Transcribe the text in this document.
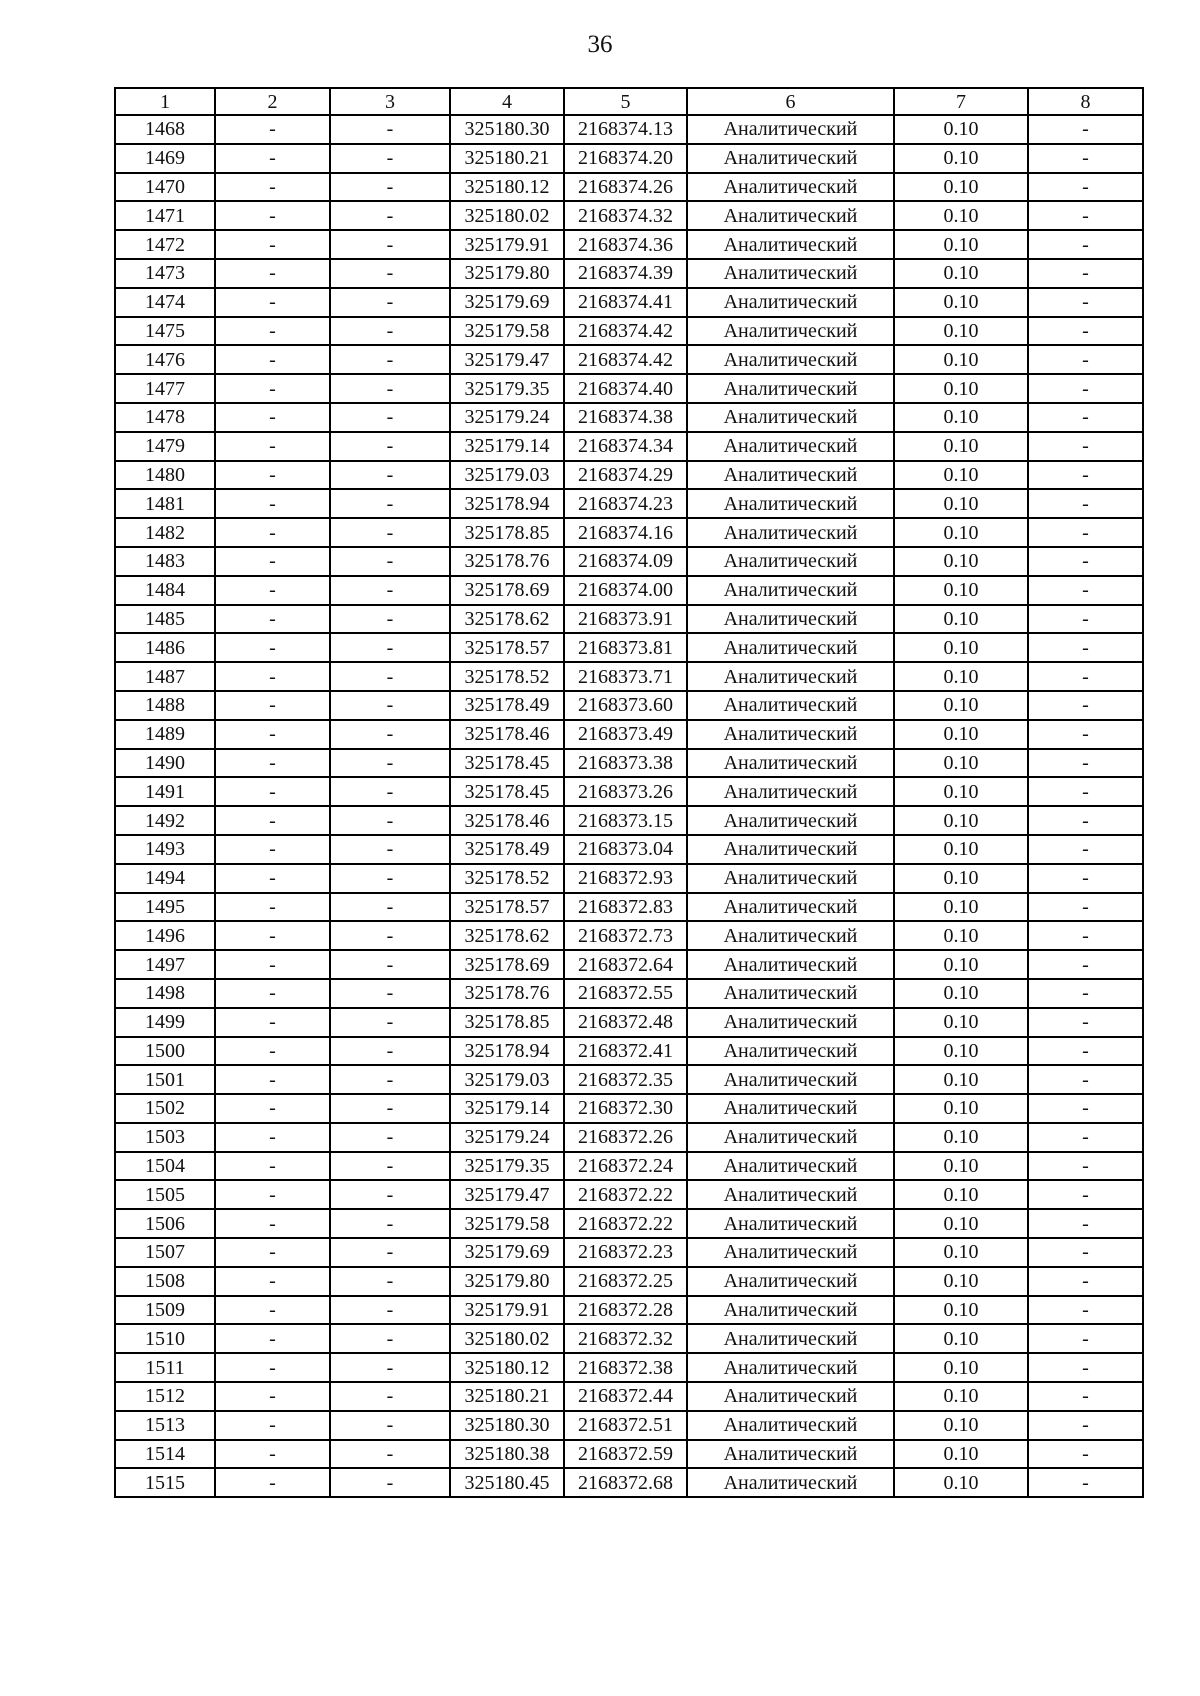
36
1	2	3	4	5	6	7	8
1468	-	-	325180.30	2168374.13	Аналитический	0.10	-
1469	-	-	325180.21	2168374.20	Аналитический	0.10	-
1470	-	-	325180.12	2168374.26	Аналитический	0.10	-
1471	-	-	325180.02	2168374.32	Аналитический	0.10	-
1472	-	-	325179.91	2168374.36	Аналитический	0.10	-
1473	-	-	325179.80	2168374.39	Аналитический	0.10	-
1474	-	-	325179.69	2168374.41	Аналитический	0.10	-
1475	-	-	325179.58	2168374.42	Аналитический	0.10	-
1476	-	-	325179.47	2168374.42	Аналитический	0.10	-
1477	-	-	325179.35	2168374.40	Аналитический	0.10	-
1478	-	-	325179.24	2168374.38	Аналитический	0.10	-
1479	-	-	325179.14	2168374.34	Аналитический	0.10	-
1480	-	-	325179.03	2168374.29	Аналитический	0.10	-
1481	-	-	325178.94	2168374.23	Аналитический	0.10	-
1482	-	-	325178.85	2168374.16	Аналитический	0.10	-
1483	-	-	325178.76	2168374.09	Аналитический	0.10	-
1484	-	-	325178.69	2168374.00	Аналитический	0.10	-
1485	-	-	325178.62	2168373.91	Аналитический	0.10	-
1486	-	-	325178.57	2168373.81	Аналитический	0.10	-
1487	-	-	325178.52	2168373.71	Аналитический	0.10	-
1488	-	-	325178.49	2168373.60	Аналитический	0.10	-
1489	-	-	325178.46	2168373.49	Аналитический	0.10	-
1490	-	-	325178.45	2168373.38	Аналитический	0.10	-
1491	-	-	325178.45	2168373.26	Аналитический	0.10	-
1492	-	-	325178.46	2168373.15	Аналитический	0.10	-
1493	-	-	325178.49	2168373.04	Аналитический	0.10	-
1494	-	-	325178.52	2168372.93	Аналитический	0.10	-
1495	-	-	325178.57	2168372.83	Аналитический	0.10	-
1496	-	-	325178.62	2168372.73	Аналитический	0.10	-
1497	-	-	325178.69	2168372.64	Аналитический	0.10	-
1498	-	-	325178.76	2168372.55	Аналитический	0.10	-
1499	-	-	325178.85	2168372.48	Аналитический	0.10	-
1500	-	-	325178.94	2168372.41	Аналитический	0.10	-
1501	-	-	325179.03	2168372.35	Аналитический	0.10	-
1502	-	-	325179.14	2168372.30	Аналитический	0.10	-
1503	-	-	325179.24	2168372.26	Аналитический	0.10	-
1504	-	-	325179.35	2168372.24	Аналитический	0.10	-
1505	-	-	325179.47	2168372.22	Аналитический	0.10	-
1506	-	-	325179.58	2168372.22	Аналитический	0.10	-
1507	-	-	325179.69	2168372.23	Аналитический	0.10	-
1508	-	-	325179.80	2168372.25	Аналитический	0.10	-
1509	-	-	325179.91	2168372.28	Аналитический	0.10	-
1510	-	-	325180.02	2168372.32	Аналитический	0.10	-
1511	-	-	325180.12	2168372.38	Аналитический	0.10	-
1512	-	-	325180.21	2168372.44	Аналитический	0.10	-
1513	-	-	325180.30	2168372.51	Аналитический	0.10	-
1514	-	-	325180.38	2168372.59	Аналитический	0.10	-
1515	-	-	325180.45	2168372.68	Аналитический	0.10	-
